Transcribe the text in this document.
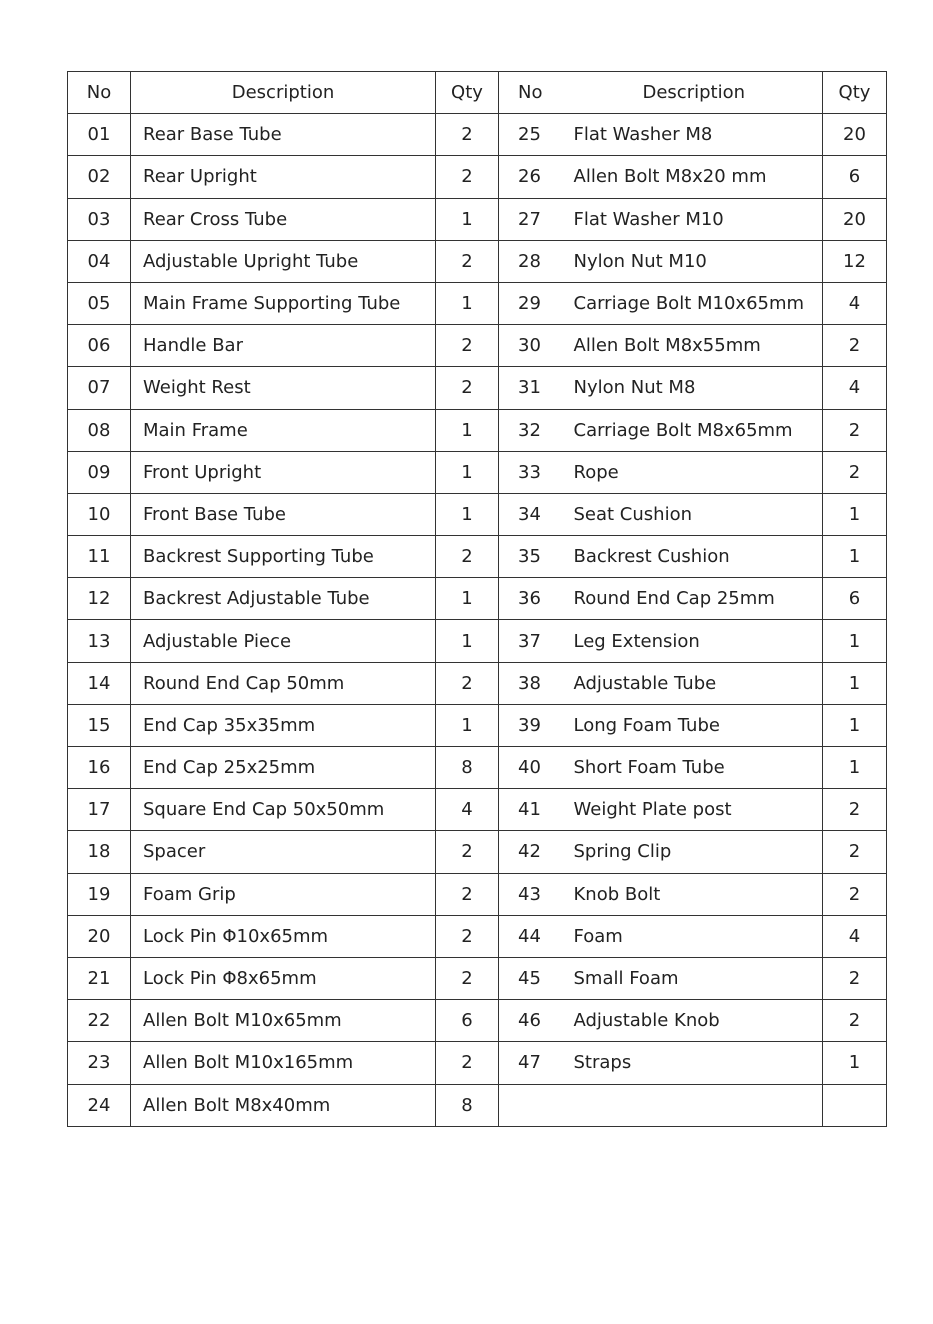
No	Description	Qty	No	Description	Qty
01	Rear Base Tube	2	25	Flat Washer M8	20
02	Rear Upright	2	26	Allen Bolt M8x20 mm	6
03	Rear Cross Tube	1	27	Flat Washer M10	20
04	Adjustable Upright Tube	2	28	Nylon Nut M10	12
05	Main Frame Supporting Tube	1	29	Carriage Bolt M10x65mm	4
06	Handle Bar	2	30	Allen Bolt M8x55mm	2
07	Weight Rest	2	31	Nylon Nut M8	4
08	Main Frame	1	32	Carriage Bolt M8x65mm	2
09	Front Upright	1	33	Rope	2
10	Front Base Tube	1	34	Seat Cushion	1
11	Backrest Supporting Tube	2	35	Backrest Cushion	1
12	Backrest Adjustable Tube	1	36	Round End Cap 25mm	6
13	Adjustable Piece	1	37	Leg Extension	1
14	Round End Cap 50mm	2	38	Adjustable Tube	1
15	End Cap 35x35mm	1	39	Long Foam Tube	1
16	End Cap 25x25mm	8	40	Short Foam Tube	1
17	Square End Cap 50x50mm	4	41	Weight Plate post	2
18	Spacer	2	42	Spring Clip	2
19	Foam Grip	2	43	Knob Bolt	2
20	Lock Pin Φ10x65mm	2	44	Foam	4
21	Lock Pin Φ8x65mm	2	45	Small Foam	2
22	Allen Bolt M10x65mm	6	46	Adjustable Knob	2
23	Allen Bolt M10x165mm	2	47	Straps	1
24	Allen Bolt M8x40mm	8			
